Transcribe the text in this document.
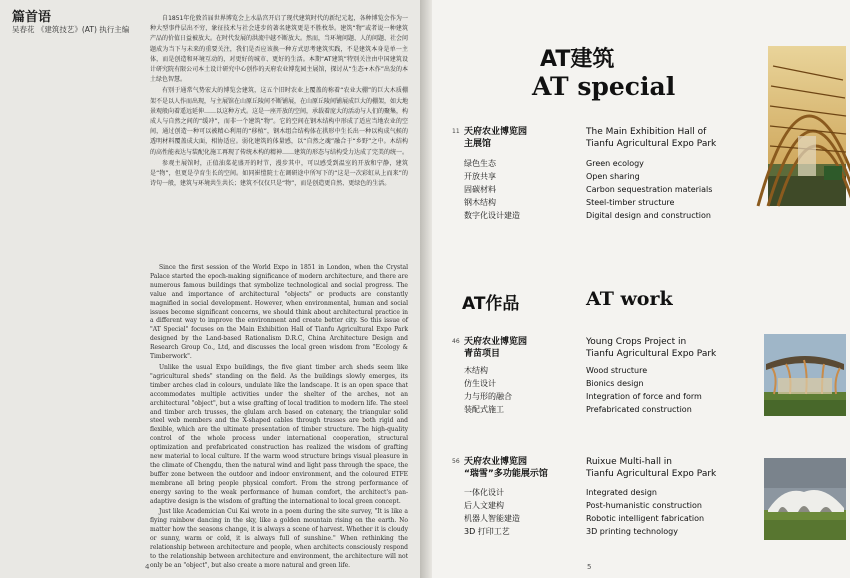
篇首语
吴春花 《建筑技艺》(AT) 执行主编

自1851年伦敦首届世界博览会上水晶宫开启了现代建筑时代的新纪元起，各种博览会作为一种大型事件层出不穷，象征技术与社会进步的著名建筑更是不胜枚举。建筑“物”或者说一种建筑产品的价值日益被放大。在时代发展的洪流中越不断放大。然而，当环境问题、人的问题、社会问题成为当下与未来的重要关注，我们是否应该换一种方式思考建筑实践，不是建筑本身是单一主体，而是创造和环境互动的，对更好的城市、更好的生活。本期“AT建筑”特别关注由中国建筑设计研究院有限公司本土设计研究中心创作的天府农业博览园主展馆，探讨从“生态+木作”出发的本土绿色智慧。

有别于通常气势宏大的博览会建筑，这五个旧时农业上覆盖的称着“农业大棚”的巨大木质棚架不是以人作而出现，与主展馆在山原丘陵间不断铺展，在山原丘陵间铺展成巨大的棚架，如大地景观般向着遥远延伸……以这种方式。这是一座开放的空间，承载着庞大的活动与人们的聚集，构成人与自然之间的“缓冲”，而非一个建筑“物”。它的空间在钢木结构中形成了适应当地农业的空间，通过创造一种可以被精心利用的“移植”，钢木组合结构体在拱形中生长出一种以构成气候的透明材料覆盖成大面，相协适应。弱化建筑的体量感，以“自然之魂”融合于“乡野”之中。木结构的高性能表达与装配化施工再现了传统木构的精神……建筑的形态与结构受力达成了完美的统一。

参观主展馆时，正值油菜花盛开的时节，漫步其中，可以感受到温室的开放和宁静，建筑是“物”，但更是孕育生长的空间。如同崔愷院士在调研途中所写下的“这是一次彩虹从上而来”的诗句一般，建筑与环境共生共长；建筑不仅仅只是“物”，而是创造更自然、更绿色的生活。

Since the first session of the World Expo in 1851 in London, when the Crystal Palace started the epoch-making significance of modern architecture, and there are numerous famous buildings that symbolize technological and social progress. The value and importance of architectural "objects" or products are constantly magnified in social development. However, when environmental, human and social issues become significant concerns, we should think about architectural practice in a different way to improve the environment and create better city. So this issue of "AT Special" focuses on the Main Exhibition Hall of Tianfu Agricultural Expo Park designed by the Land-based Rationalism D.R.C, China Architecture Design and Research Group Co., Ltd, and discusses the local green wisdom from "Ecology & Timberwork".

Unlike the usual Expo buildings, the five giant timber arch sheds seem like "agricultural sheds" standing on the field. As the buildings slowly emerges, its timber arches clad in colours, undulate like the landscape. It is an open space that accommodates multiple activities under the shelter of the arches, not an architectural "object", but a wise grafting of local tradition to modern life. The steel and timber arch trusses, the glulam arch based on catenary, the triangular solid steel web members and the X-shaped cables through trusses are both rigid and flexible, which are the ultimate presentation of timber structure. The high-quality control of the whole process under international cooperation, structural optimization and prefabricated construction has realized the wisdom of grafting new material to local culture. If the warm wood structure brings visual pleasure in the climate of Chengdu, then the natural wind and light pass through the space, the buffer zone between the outdoor and indoor environment, and the coloured ETFE membrane all bring people physical comfort. From the strong performance of energy saving to the weak performance of human comfort, the architect's pan-adaptive design is the wisdom of grafting the international to local green concept.

Just like Academician Cui Kai wrote in a poem during the site survey, "It is like a flying rainbow dancing in the sky, like a golden mountain rising on the earth. No matter how the seasons change, it is always a scene of harvest. Whether it is cloudy or sunny, warm or cold, it is always full of sunshine." When rethinking the relationship between architecture and people, when architects consciously respond to the relationship between architecture and environment, the architecture will not only be an "object", but also create a more natural and green life.

4
AT建筑
AT special
AT作品	AT work
11 天府农业博览园
主展馆
The Main Exhibition Hall of
Tianfu Agricultural Expo Park
绿色生态
开放共享
固碳材料
钢木结构
数字化设计建造
Green ecology
Open sharing
Carbon sequestration materials
Steel-timber structure
Digital design and construction
46 天府农业博览园
青苗项目
Young Crops Project in
Tianfu Agricultural Expo Park
木结构
仿生设计
力与形的融合
装配式施工
Wood structure
Bionics design
Integration of force and form
Prefabricated construction
56 天府农业博览园
“瑞雪”多功能展示馆
Ruixue Multi-hall in
Tianfu Agricultural Expo Park
一体化设计
后人文建构
机器人智能建造
3D 打印工艺
Integrated design
Post-humanistic construction
Robotic intelligent fabrication
3D printing technology
5
